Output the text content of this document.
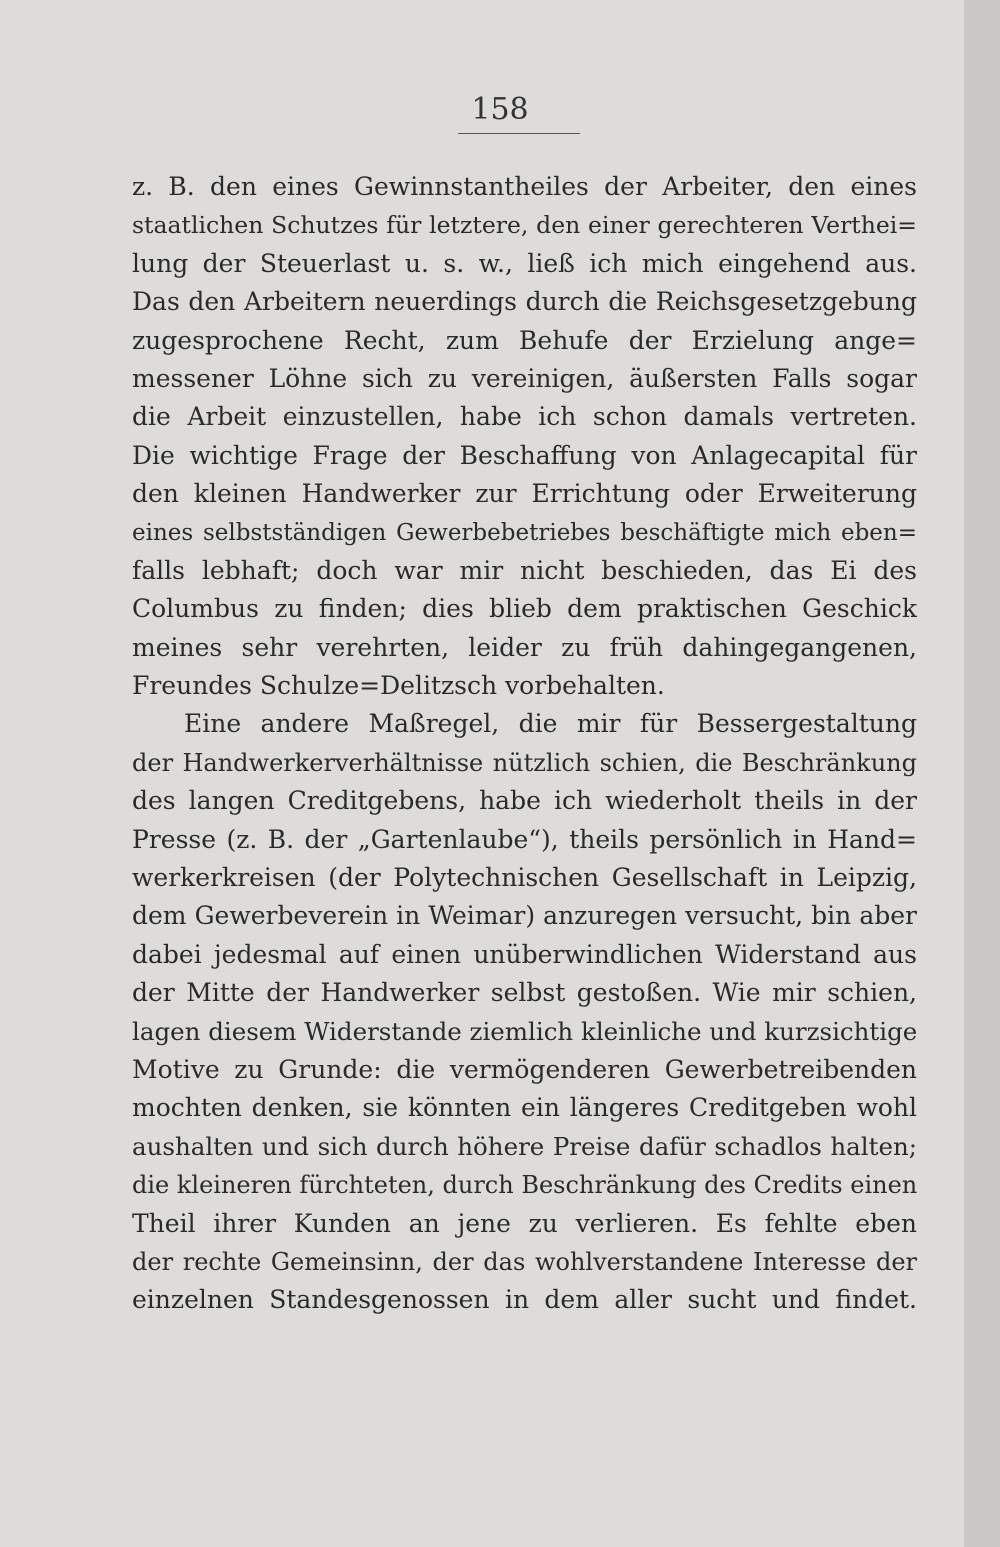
158

z. B. den eines Gewinnstantheiles der Arbeiter, den eines
staatlichen Schutzes für letztere, den einer gerechteren Verthei=
lung der Steuerlast u. s. w., ließ ich mich eingehend aus.
Das den Arbeitern neuerdings durch die Reichsgesetzgebung
zugesprochene Recht, zum Behufe der Erzielung ange=
messener Löhne sich zu vereinigen, äußersten Falls sogar
die Arbeit einzustellen, habe ich schon damals vertreten.
Die wichtige Frage der Beschaffung von Anlagecapital für
den kleinen Handwerker zur Errichtung oder Erweiterung
eines selbstständigen Gewerbebetriebes beschäftigte mich eben=
falls lebhaft; doch war mir nicht beschieden, das Ei des
Columbus zu finden; dies blieb dem praktischen Geschick
meines sehr verehrten, leider zu früh dahingegangenen,
Freundes Schulze=Delitzsch vorbehalten.
Eine andere Maßregel, die mir für Bessergestaltung
der Handwerkerverhältnisse nützlich schien, die Beschränkung
des langen Creditgebens, habe ich wiederholt theils in der
Presse (z. B. der „Gartenlaube“), theils persönlich in Hand=
werkerkreisen (der Polytechnischen Gesellschaft in Leipzig,
dem Gewerbeverein in Weimar) anzuregen versucht, bin aber
dabei jedesmal auf einen unüberwindlichen Widerstand aus
der Mitte der Handwerker selbst gestoßen. Wie mir schien,
lagen diesem Widerstande ziemlich kleinliche und kurzsichtige
Motive zu Grunde: die vermögenderen Gewerbetreibenden
mochten denken, sie könnten ein längeres Creditgeben wohl
aushalten und sich durch höhere Preise dafür schadlos halten;
die kleineren fürchteten, durch Beschränkung des Credits einen
Theil ihrer Kunden an jene zu verlieren. Es fehlte eben
der rechte Gemeinsinn, der das wohlverstandene Interesse der
einzelnen Standesgenossen in dem aller sucht und findet.
